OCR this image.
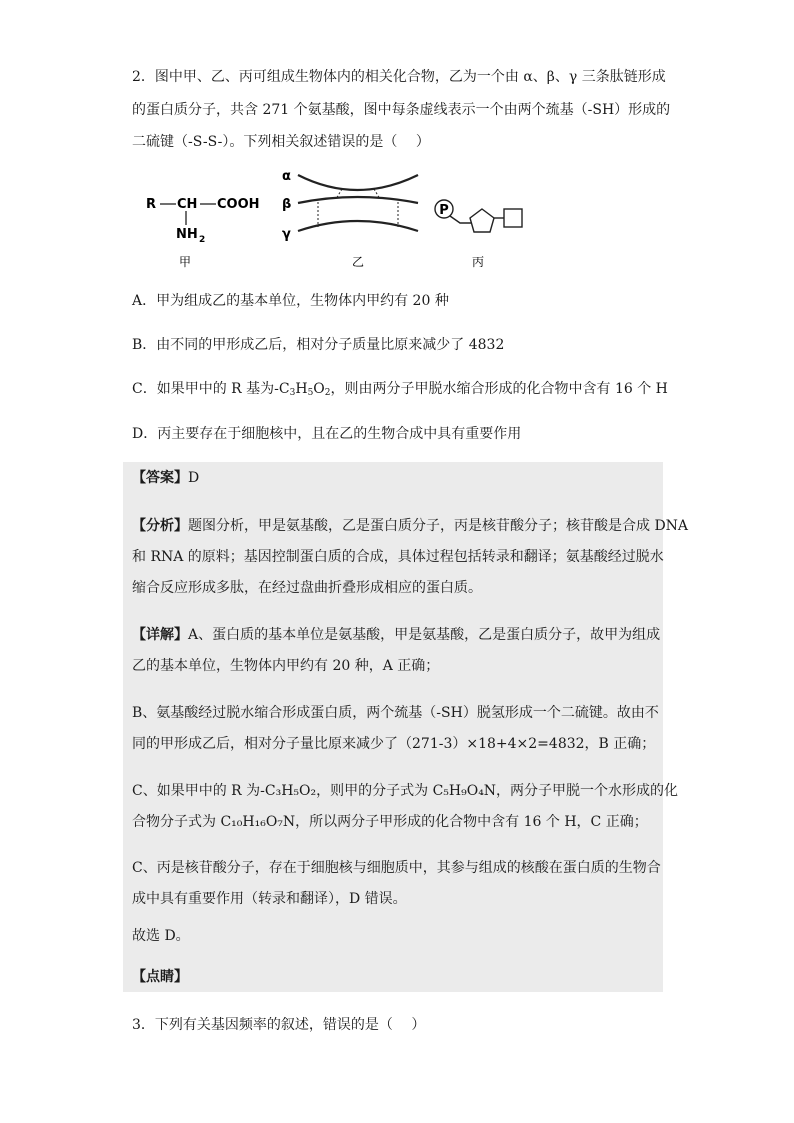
2．图中甲、乙、丙可组成生物体内的相关化合物，乙为一个由 α、β、γ 三条肽链形成
的蛋白质分子，共含 271 个氨基酸，图中每条虚线表示一个由两个巯基（-SH）形成的
二硫键（-S-S-）。下列相关叙述错误的是（　 ）
R CH COOH
NH 2
α
β
γ
P
甲	乙	丙
A．甲为组成乙的基本单位，生物体内甲约有 20 种
B．由不同的甲形成乙后，相对分子质量比原来减少了 4832
C．如果甲中的 R 基为$-C_3H_5O_2$，则由两分子甲脱水缩合形成的化合物中含有 16 个 H
D．丙主要存在于细胞核中，且在乙的生物合成中具有重要作用
【答案】D
【分析】题图分析，甲是氨基酸，乙是蛋白质分子，丙是核苷酸分子；核苷酸是合成 DNA
和 RNA 的原料；基因控制蛋白质的合成，具体过程包括转录和翻译；氨基酸经过脱水
缩合反应形成多肽，在经过盘曲折叠形成相应的蛋白质。
【详解】A、蛋白质的基本单位是氨基酸，甲是氨基酸，乙是蛋白质分子，故甲为组成
乙的基本单位，生物体内甲约有 20 种，A 正确；
B、氨基酸经过脱水缩合形成蛋白质，两个巯基（-SH）脱氢形成一个二硫键。故由不
同的甲形成乙后，相对分子量比原来减少了（271-3）×18+4×2=4832，B 正确；
C、如果甲中的 R 为-C₃H₅O₂，则甲的分子式为 C₅H₉O₄N，两分子甲脱一个水形成的化
合物分子式为 C₁₀H₁₆O₇N，所以两分子甲形成的化合物中含有 16 个 H，C 正确；
C、丙是核苷酸分子，存在于细胞核与细胞质中，其参与组成的核酸在蛋白质的生物合
成中具有重要作用（转录和翻译），D 错误。
故选 D。
【点睛】
3．下列有关基因频率的叙述，错误的是（　 ）
